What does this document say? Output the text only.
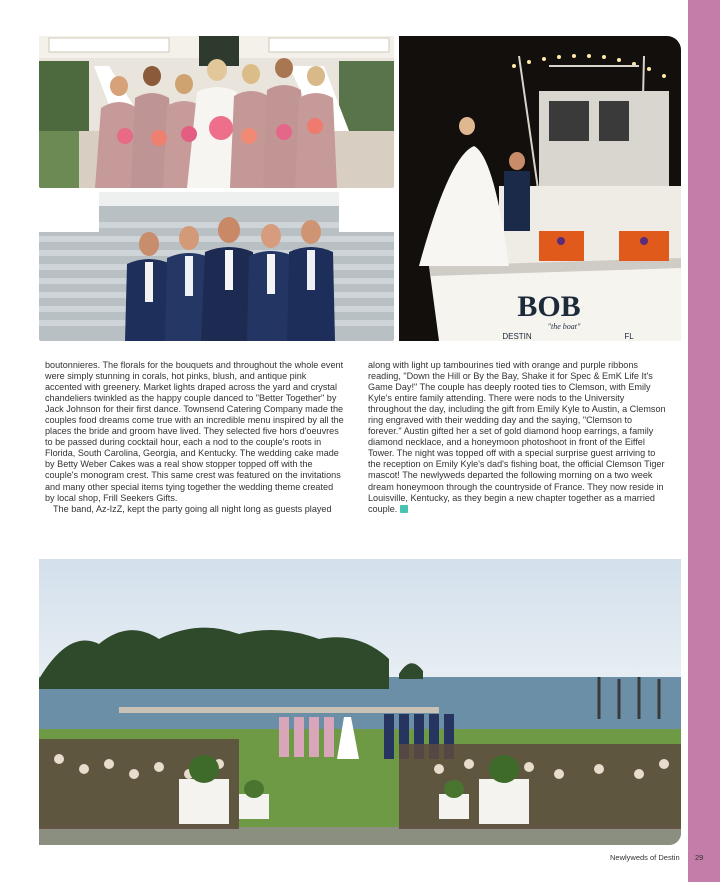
BOB
"the boat"
DESTIN	FL

boutonnieres. The florals for the bouquets and throughout the whole event were simply stunning in corals, hot pinks, blush, and antique pink accented with greenery. Market lights draped across the yard and crystal chandeliers twinkled as the happy couple danced to "Better Together" by Jack Johnson for their first dance. Townsend Catering Company made the couples food dreams come true with an incredible menu inspired by all the places the bride and groom have lived. They selected five hors d'oeuvres to be passed during cocktail hour, each a nod to the couple's roots in Florida, South Carolina, Georgia, and Kentucky. The wedding cake made by Betty Weber Cakes was a real show stopper topped off with the couple's monogram crest. This same crest was featured on the invitations and many other special items tying together the wedding theme created by local shop, Frill Seekers Gifts.

The band, Az-IzZ, kept the party going all night long as guests played

along with light up tambourines tied with orange and purple ribbons reading, "Down the Hill or By the Bay, Shake it for Spec & EmK Life It's Game Day!" The couple has deeply rooted ties to Clemson, with Emily Kyle's entire family attending. There were nods to the University throughout the day, including the gift from Emily Kyle to Austin, a Clemson ring engraved with their wedding day and the saying, "Clemson to forever." Austin gifted her a set of gold diamond hoop earrings, a family diamond necklace, and a honeymoon photoshoot in front of the Eiffel Tower. The night was topped off with a special surprise guest arriving to the reception on Emily Kyle's dad's fishing boat, the official Clemson Tiger mascot! The newlyweds departed the following morning on a two week dream honeymoon through the countryside of France. They now reside in Louisville, Kentucky, as they begin a new chapter together as a married couple.

Newlyweds of Destin 29
